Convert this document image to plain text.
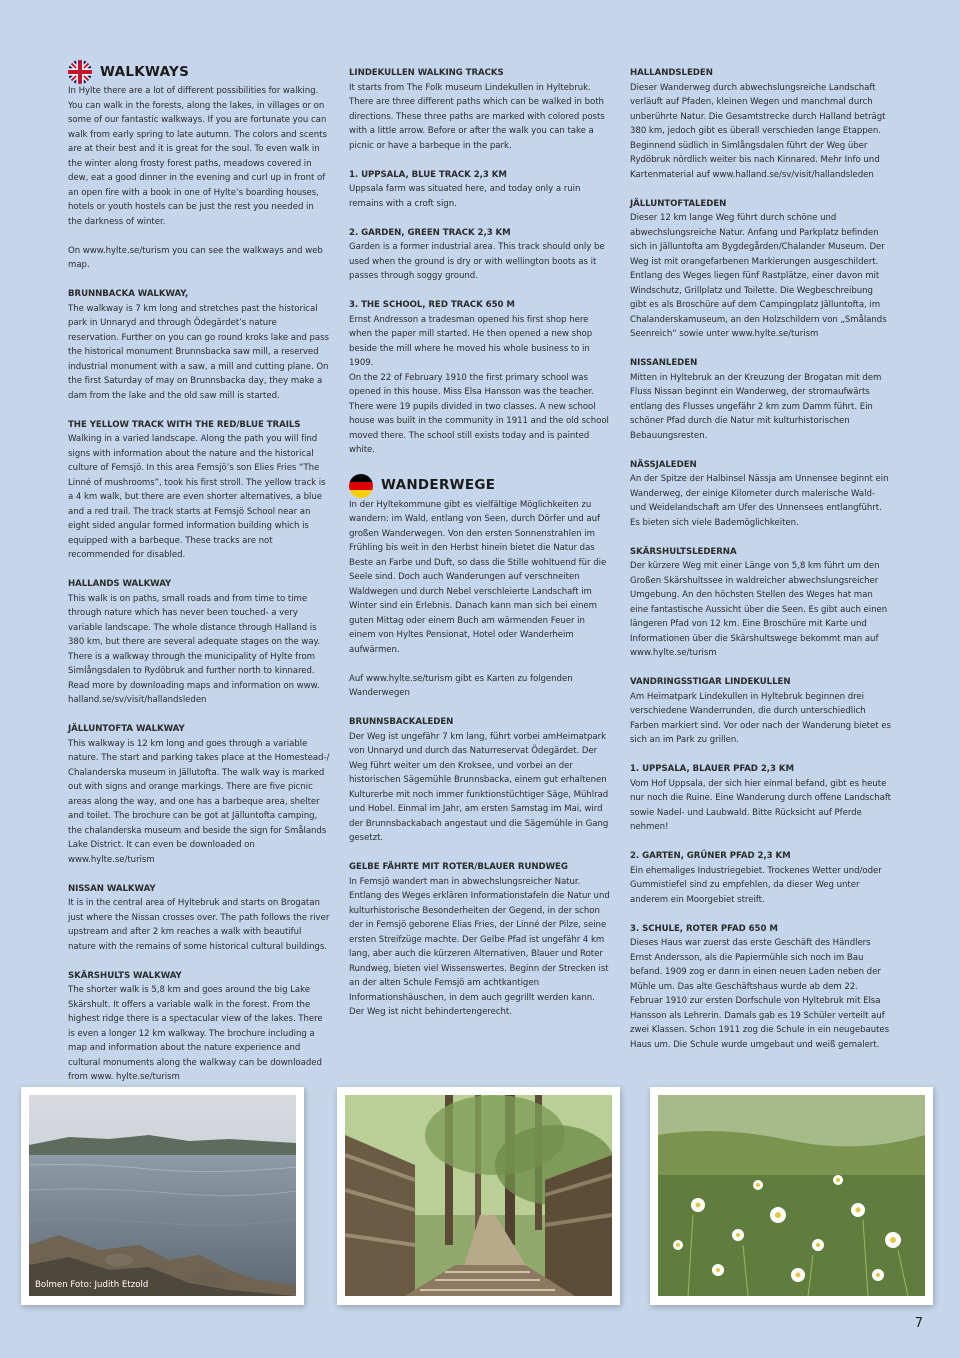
WALKWAYS

In Hylte there are a lot of different possibilities for walking. You can walk in the forests, along the lakes, in villages or on some of our fantastic walkways. If you are fortunate you can walk from early spring to late autumn. The colors and scents are at their best and it is great for the soul. To even walk in the winter along frosty forest paths, meadows covered in dew, eat a good dinner in the evening and curl up in front of an open fire with a book in one of Hylte’s boarding houses, hotels or youth hostels can be just the rest you needed in the darkness of winter.

On www.hylte.se/turism you can see the walkways and web map.

BRUNNBACKA WALKWAY,

The walkway is 7 km long and stretches past the historical park in Unnaryd and through Ödegärdet’s nature reservation. Further on you can go round kroks lake and pass the historical monument Brunnsbacka saw mill, a reserved industrial monument with a saw, a mill and cutting plane. On the first Saturday of may on Brunnsbacka day, they make a dam from the lake and the old saw mill is started.

THE YELLOW TRACK WITH THE RED/BLUE TRAILS

Walking in a varied landscape. Along the path you will find signs with information about the nature and the historical culture of Femsjö. In this area Femsjö’s son Elies Fries “The Linné of mushrooms”, took his first stroll. The yellow track is a 4 km walk, but there are even shorter alternatives, a blue and a red trail. The track starts at Femsjö School near an eight sided angular formed information building which is equipped with a barbeque. These tracks are not recommended for disabled.

HALLANDS WALKWAY

This walk is on paths, small roads and from time to time through nature which has never been touched- a very variable landscape. The whole distance through Halland is 380 km, but there are several adequate stages on the way. There is a walkway through the municipality of Hylte from Simlångsdalen to Rydöbruk and further north to kinnared.

Read more by downloading maps and information on www. halland.se/sv/visit/hallandsleden

JÄLLUNTOFTA WALKWAY

This walkway is 12 km long and goes through a variable nature. The start and parking takes place at the Homestead-/ Chalanderska museum in Jällutofta. The walk way is marked out with signs and orange markings. There are five picnic areas along the way, and one has a barbeque area, shelter and toilet. The brochure can be got at Jälluntofta camping, the chalanderska museum and beside the sign for Smålands Lake District. It can even be downloaded on www.hylte.se/turism

NISSAN WALKWAY

It is in the central area of Hyltebruk and starts on Brogatan just where the Nissan crosses over. The path follows the river upstream and after 2 km reaches a walk with beautiful nature with the remains of some historical cultural buildings.

SKÄRSHULTS WALKWAY

The shorter walk is 5,8 km and goes around the big Lake Skärshult. It offers a variable walk in the forest. From the highest ridge there is a spectacular view of the lakes. There is even a longer 12 km walkway. The brochure including a map and information about the nature experience and cultural monuments along the walkway can be downloaded from www. hylte.se/turism

LINDEKULLEN WALKING TRACKS

It starts from The Folk museum Lindekullen in Hyltebruk. There are three different paths which can be walked in both directions. These three paths are marked with colored posts with a little arrow. Before or after the walk you can take a picnic or have a barbeque in the park.

1. UPPSALA, BLUE TRACK 2,3 KM

Uppsala farm was situated here, and today only a ruin remains with a croft sign.

2. GARDEN, GREEN TRACK 2,3 KM

Garden is a former industrial area. This track should only be used when the ground is dry or with wellington boots as it passes through soggy ground.

3. THE SCHOOL, RED TRACK 650 M

Ernst Andresson a tradesman opened his first shop here when the paper mill started. He then opened a new shop beside the mill where he moved his whole business to in 1909.

On the 22 of February 1910 the first primary school was opened in this house. Miss Elsa Hansson was the teacher. There were 19 pupils divided in two classes. A new school house was built in the community in 1911 and the old school moved there. The school still exists today and is painted white.

WANDERWEGE

In der Hyltekommune gibt es vielfältige Möglichkeiten zu wandern: im Wald, entlang von Seen, durch Dörfer und auf großen Wanderwegen. Von den ersten Sonnenstrahlen im Frühling bis weit in den Herbst hinein bietet die Natur das Beste an Farbe und Duft, so dass die Stille wohltuend für die Seele sind. Doch auch Wanderungen auf verschneiten Waldwegen und durch Nebel verschleierte Landschaft im Winter sind ein Erlebnis. Danach kann man sich bei einem guten Mittag oder einem Buch am wärmenden Feuer in einem von Hyltes Pensionat, Hotel oder Wanderheim aufwärmen.

Auf www.hylte.se/turism gibt es Karten zu folgenden Wanderwegen

BRUNNSBACKALEDEN

Der Weg ist ungefähr 7 km lang, führt vorbei amHeimatpark von Unnaryd und durch das Naturreservat Ödegärdet. Der Weg führt weiter um den Kroksee, und vorbei an der historischen Sägemühle Brunnsbacka, einem gut erhaltenen Kulturerbe mit noch immer funktionstüchtiger Säge, Mühlrad und Hobel. Einmal im Jahr, am ersten Samstag im Mai, wird der Brunnsbackabach angestaut und die Sägemühle in Gang gesetzt.

GELBE FÄHRTE MIT ROTER/BLAUER RUNDWEG

In Femsjö wandert man in abwechslungsreicher Natur. Entlang des Weges erklären Informationstafeln die Natur und kulturhistorische Besonderheiten der Gegend, in der schon der in Femsjö geborene Elias Fries, der Linné der Pilze, seine ersten Streifzüge machte. Der Gelbe Pfad ist ungefähr 4 km lang, aber auch die kürzeren Alternativen, Blauer und Roter Rundweg, bieten viel Wissenswertes. Beginn der Strecken ist an der alten Schule Femsjö am achtkantigen Informationshäuschen, in dem auch gegrillt werden kann. Der Weg ist nicht behindertengerecht.

HALLANDSLEDEN

Dieser Wanderweg durch abwechslungsreiche Landschaft verläuft auf Pfaden, kleinen Wegen und manchmal durch unberührte Natur. Die Gesamtstrecke durch Halland beträgt 380 km, jedoch gibt es überall verschieden lange Etappen. Beginnend südlich in Simlångsdalen führt der Weg über Rydöbruk nördlich weiter bis nach Kinnared. Mehr Info und Kartenmaterial auf www.halland.se/sv/visit/hallandsleden

JÄLLUNTOFTALEDEN

Dieser 12 km lange Weg führt durch schöne und abwechslungsreiche Natur. Anfang und Parkplatz befinden sich in Jälluntofta am Bygdegården/Chalander Museum. Der Weg ist mit orangefarbenen Markierungen ausgeschildert. Entlang des Weges liegen fünf Rastplätze, einer davon mit Windschutz, Grillplatz und Toilette. Die Wegbeschreibung gibt es als Broschüre auf dem Campingplatz Jälluntofta, im Chalanderskamuseum, an den Holzschildern von „Smålands Seenreich“ sowie unter www.hylte.se/turism

NISSANLEDEN

Mitten in Hyltebruk an der Kreuzung der Brogatan mit dem Fluss Nissan beginnt ein Wanderweg, der stromaufwärts entlang des Flusses ungefähr 2 km zum Damm führt. Ein schöner Pfad durch die Natur mit kulturhistorischen Bebauungsresten.

NÄSSJALEDEN

An der Spitze der Halbinsel Nässja am Unnensee beginnt ein Wanderweg, der einige Kilometer durch malerische Wald- und Weidelandschaft am Ufer des Unnensees entlangführt. Es bieten sich viele Bademöglichkeiten.

SKÄRSHULTSLEDERNA

Der kürzere Weg mit einer Länge von 5,8 km führt um den Großen Skärshultssee in waldreicher abwechslungsreicher Umgebung. An den höchsten Stellen des Weges hat man eine fantastische Aussicht über die Seen. Es gibt auch einen längeren Pfad von 12 km. Eine Broschüre mit Karte und Informationen über die Skärshultswege bekommt man auf www.hylte.se/turism

VANDRINGSSTIGAR LINDEKULLEN

Am Heimatpark Lindekullen in Hyltebruk beginnen drei verschiedene Wanderrunden, die durch unterschiedlich Farben markiert sind. Vor oder nach der Wanderung bietet es sich an im Park zu grillen.

1. UPPSALA, BLAUER PFAD 2,3 KM

Vom Hof Uppsala, der sich hier einmal befand, gibt es heute nur noch die Ruine. Eine Wanderung durch offene Landschaft sowie Nadel- und Laubwald. Bitte Rücksicht auf Pferde nehmen!

2. GARTEN, GRÜNER PFAD 2,3 KM

Ein ehemaliges Industriegebiet. Trockenes Wetter und/oder Gummistiefel sind zu empfehlen, da dieser Weg unter anderem ein Moorgebiet streift.

3. SCHULE, ROTER PFAD 650 M

Dieses Haus war zuerst das erste Geschäft des Händlers Ernst Andersson, als die Papiermühle sich noch im Bau befand. 1909 zog er dann in einen neuen Laden neben der Mühle um. Das alte Geschäftshaus wurde ab dem 22. Februar 1910 zur ersten Dorfschule von Hyltebruk mit Elsa Hansson als Lehrerin. Damals gab es 19 Schüler verteilt auf zwei Klassen. Schon 1911 zog die Schule in ein neugebautes Haus um. Die Schule wurde umgebaut und weiß gemalert.

Bolmen Foto: Judith Etzold
7
